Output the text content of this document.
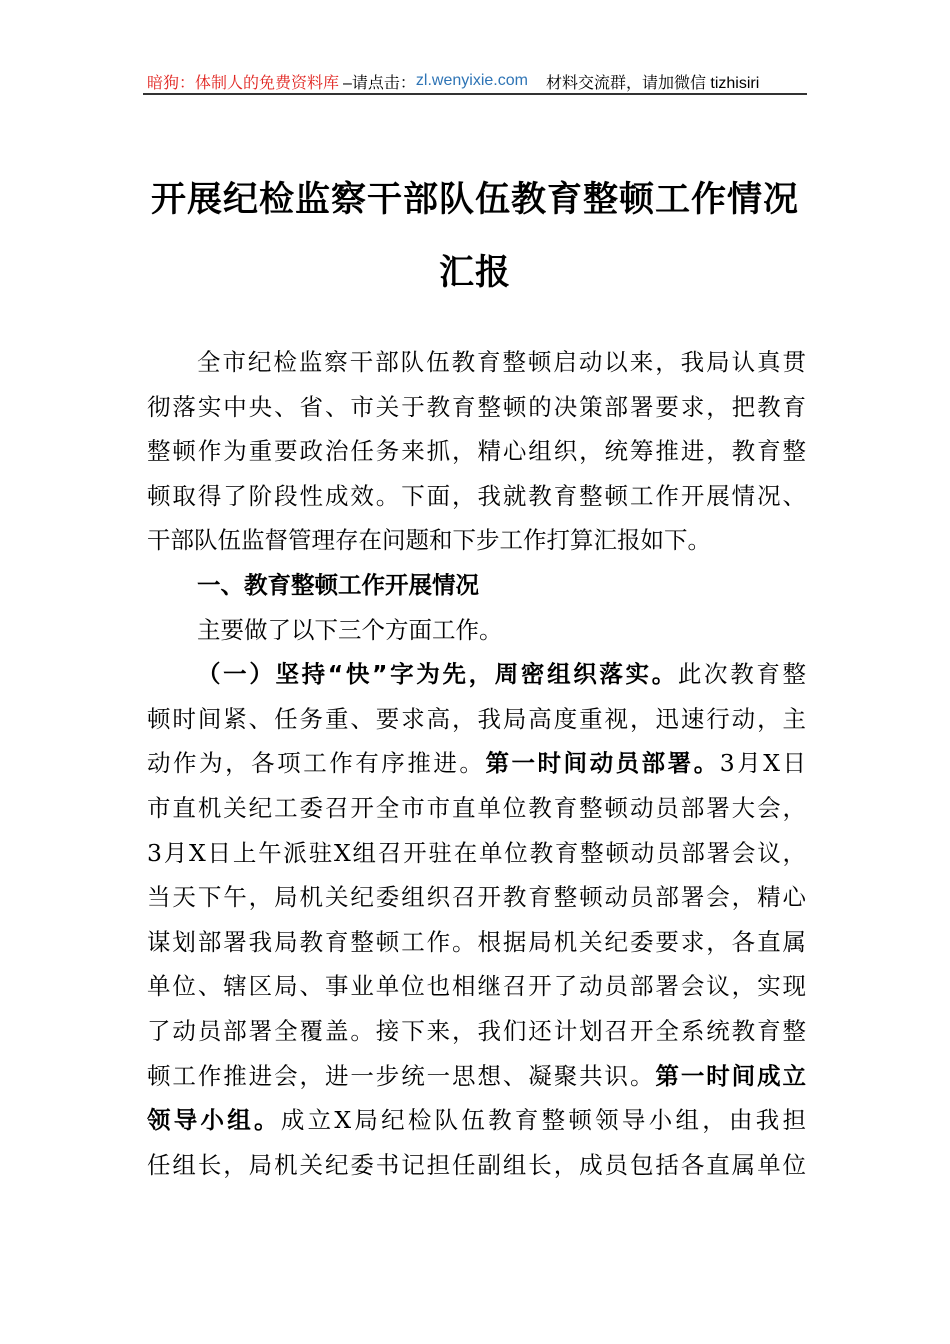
暗狗：体制人的免费资料库 –请点击： zl.wenyixie.com 材料交流群，请加微信 tizhisiri
开展纪检监察干部队伍教育整顿工作情况
汇报
全市纪检监察干部队伍教育整顿启动以来，我局认真贯
彻落实中央、省、市关于教育整顿的决策部署要求，把教育
整顿作为重要政治任务来抓，精心组织，统筹推进，教育整
顿取得了阶段性成效。下面，我就教育整顿工作开展情况、
干部队伍监督管理存在问题和下步工作打算汇报如下。
一、教育整顿工作开展情况
主要做了以下三个方面工作。
（一）坚持“快”字为先，周密组织落实。此次教育整
顿时间紧、任务重、要求高，我局高度重视，迅速行动，主
动作为，各项工作有序推进。第一时间动员部署。3月X日
市直机关纪工委召开全市市直单位教育整顿动员部署大会，
3月X日上午派驻X组召开驻在单位教育整顿动员部署会议，
当天下午，局机关纪委组织召开教育整顿动员部署会，精心
谋划部署我局教育整顿工作。根据局机关纪委要求，各直属
单位、辖区局、事业单位也相继召开了动员部署会议，实现
了动员部署全覆盖。接下来，我们还计划召开全系统教育整
顿工作推进会，进一步统一思想、凝聚共识。第一时间成立
领导小组。成立X局纪检队伍教育整顿领导小组，由我担
任组长，局机关纪委书记担任副组长，成员包括各直属单位
